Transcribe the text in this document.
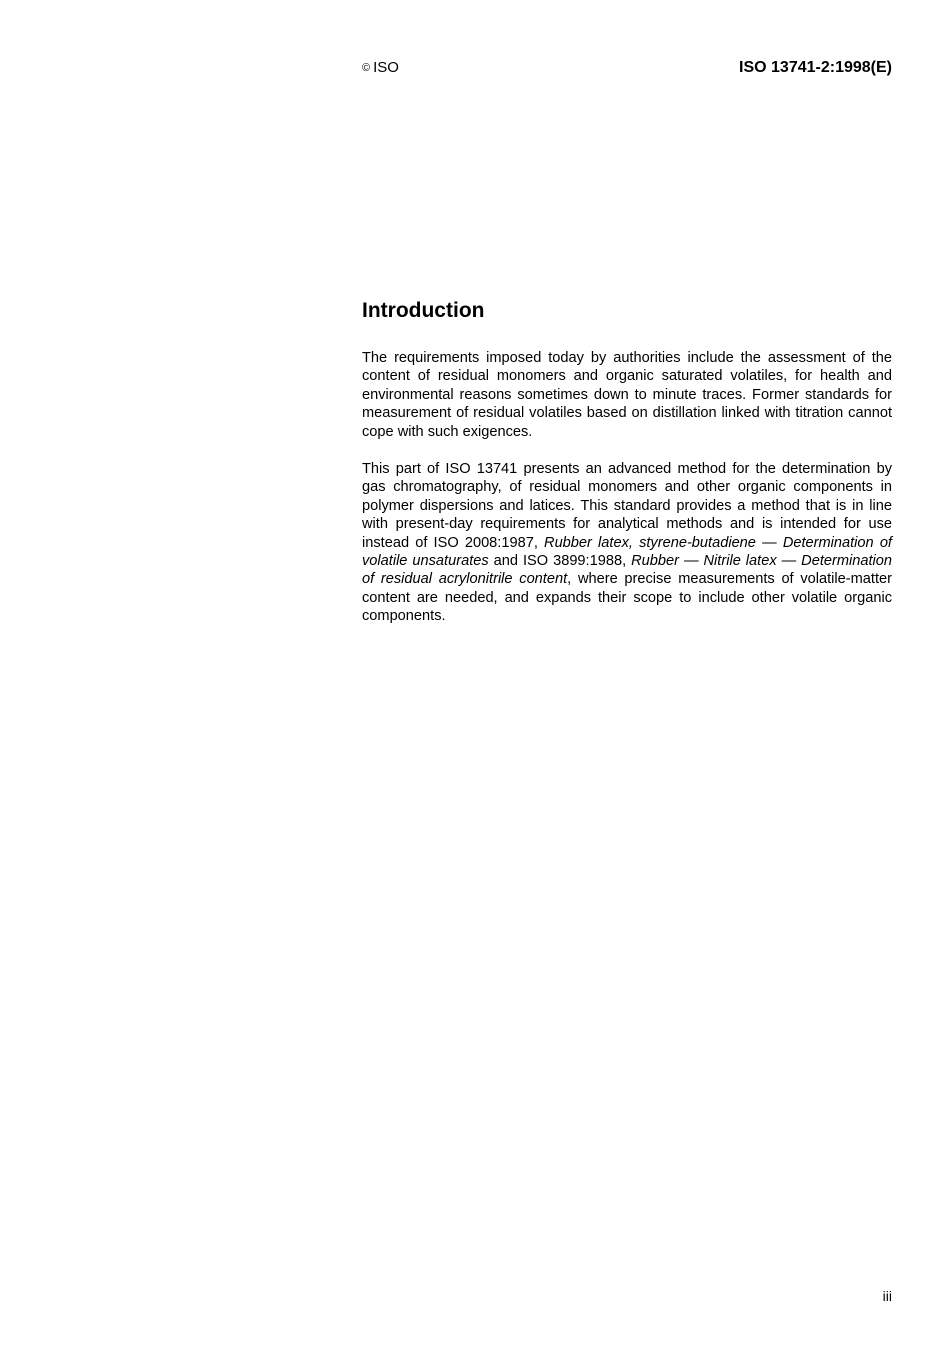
© ISO	ISO 13741-2:1998(E)
Introduction

The requirements imposed today by authorities include the assessment of the content of residual monomers and organic saturated volatiles, for health and environmental reasons sometimes down to minute traces. Former standards for measurement of residual volatiles based on distillation linked with titration cannot cope with such exigences.

This part of ISO 13741 presents an advanced method for the determination by gas chromatography, of residual monomers and other organic components in polymer dispersions and latices. This standard provides a method that is in line with present-day requirements for analytical methods and is intended for use instead of ISO 2008:1987, Rubber latex, styrene-butadiene — Determination of volatile unsaturates and ISO 3899:1988, Rubber — Nitrile latex — Determination of residual acrylonitrile content, where precise measurements of volatile-matter content are needed, and expands their scope to include other volatile organic components.

iii
